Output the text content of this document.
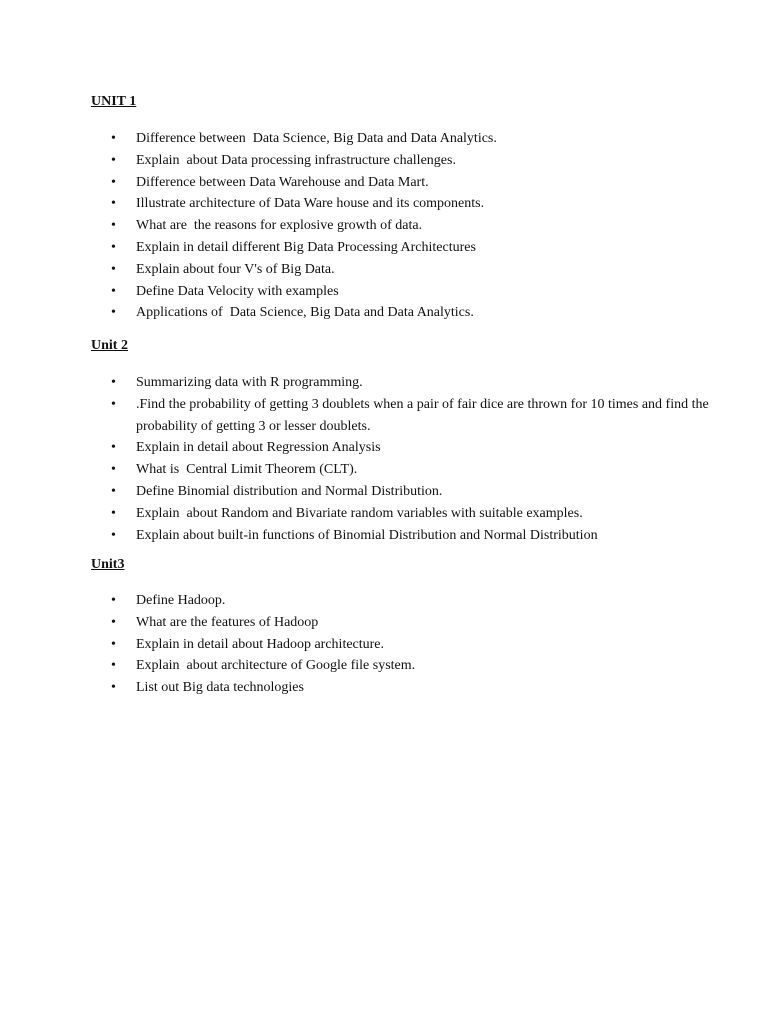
UNIT 1

• Difference between  Data Science, Big Data and Data Analytics.
• Explain  about Data processing infrastructure challenges.
• Difference between Data Warehouse and Data Mart.
• Illustrate architecture of Data Ware house and its components.
• What are  the reasons for explosive growth of data.
• Explain in detail different Big Data Processing Architectures
• Explain about four V's of Big Data.
• Define Data Velocity with examples
• Applications of  Data Science, Big Data and Data Analytics.

Unit 2

• Summarizing data with R programming.
• .Find the probability of getting 3 doublets when a pair of fair dice are thrown for 10 times and find the probability of getting 3 or lesser doublets.
• Explain in detail about Regression Analysis
• What is  Central Limit Theorem (CLT).
• Define Binomial distribution and Normal Distribution.
• Explain  about Random and Bivariate random variables with suitable examples.
• Explain about built-in functions of Binomial Distribution and Normal Distribution

Unit3

• Define Hadoop.
• What are the features of Hadoop
• Explain in detail about Hadoop architecture.
• Explain  about architecture of Google file system.
• List out Big data technologies
